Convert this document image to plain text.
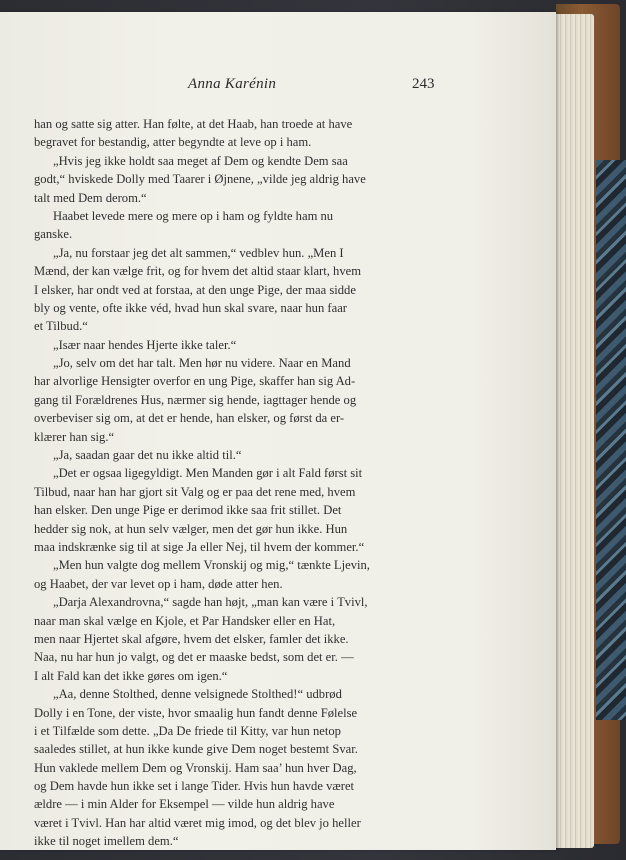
Anna Karénin	243
han og satte sig atter. Han følte, at det Haab, han troede at have
begravet for bestandig, atter begyndte at leve op i ham.
„Hvis jeg ikke holdt saa meget af Dem og kendte Dem saa
godt,“ hviskede Dolly med Taarer i Øjnene, „vilde jeg aldrig have
talt med Dem derom.“
Haabet levede mere og mere op i ham og fyldte ham nu
ganske.
„Ja, nu forstaar jeg det alt sammen,“ vedblev hun. „Men I
Mænd, der kan vælge frit, og for hvem det altid staar klart, hvem
I elsker, har ondt ved at forstaa, at den unge Pige, der maa sidde
bly og vente, ofte ikke véd, hvad hun skal svare, naar hun faar
et Tilbud.“
„Især naar hendes Hjerte ikke taler.“
„Jo, selv om det har talt. Men hør nu videre. Naar en Mand
har alvorlige Hensigter overfor en ung Pige, skaffer han sig Ad-
gang til Forældrenes Hus, nærmer sig hende, iagttager hende og
overbeviser sig om, at det er hende, han elsker, og først da er-
klærer han sig.“
„Ja, saadan gaar det nu ikke altid til.“
„Det er ogsaa ligegyldigt. Men Manden gør i alt Fald først sit
Tilbud, naar han har gjort sit Valg og er paa det rene med, hvem
han elsker. Den unge Pige er derimod ikke saa frit stillet. Det
hedder sig nok, at hun selv vælger, men det gør hun ikke. Hun
maa indskrænke sig til at sige Ja eller Nej, til hvem der kommer.“
„Men hun valgte dog mellem Vronskij og mig,“ tænkte Ljevin,
og Haabet, der var levet op i ham, døde atter hen.
„Darja Alexandrovna,“ sagde han højt, „man kan være i Tvivl,
naar man skal vælge en Kjole, et Par Handsker eller en Hat,
men naar Hjertet skal afgøre, hvem det elsker, famler det ikke.
Naa, nu har hun jo valgt, og det er maaske bedst, som det er. —
I alt Fald kan det ikke gøres om igen.“
„Aa, denne Stolthed, denne velsignede Stolthed!“ udbrød
Dolly i en Tone, der viste, hvor smaalig hun fandt denne Følelse
i et Tilfælde som dette. „Da De friede til Kitty, var hun netop
saaledes stillet, at hun ikke kunde give Dem noget bestemt Svar.
Hun vaklede mellem Dem og Vronskij. Ham saa’ hun hver Dag,
og Dem havde hun ikke set i lange Tider. Hvis hun havde været
ældre — i min Alder for Eksempel — vilde hun aldrig have
været i Tvivl. Han har altid været mig imod, og det blev jo heller
ikke til noget imellem dem.“
